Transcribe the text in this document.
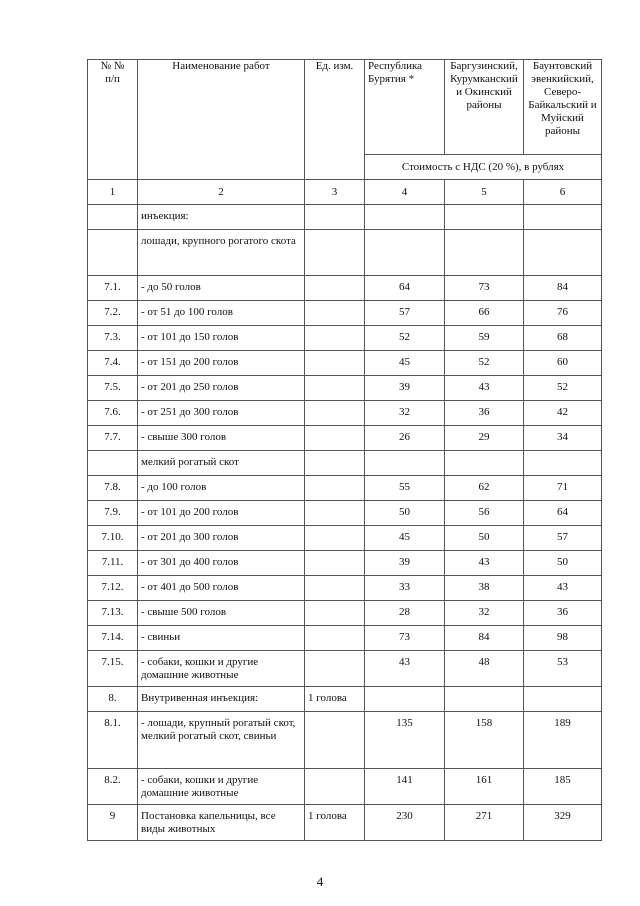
№ №
п/п	Наименование работ	Ед. изм.	Республика Бурятия *	Баргузинский, Курумканский и Окинский районы	Баунтовский эвенкийский, Северо-Байкальский и Муйский районы
			Стоимость с НДС (20 %), в рублях		
1	2	3	4	5	6
	инъекция:				
	лошади, крупного рогатого скота				
7.1.	- до 50 голов		64	73	84
7.2.	- от 51 до 100 голов		57	66	76
7.3.	- от 101 до 150 голов		52	59	68
7.4.	- от 151 до 200 голов		45	52	60
7.5.	- от 201 до 250 голов		39	43	52
7.6.	- от 251 до 300 голов		32	36	42
7.7.	- свыше 300 голов		26	29	34
	мелкий рогатый скот				
7.8.	- до 100 голов		55	62	71
7.9.	- от 101 до 200 голов		50	56	64
7.10.	- от 201 до 300 голов		45	50	57
7.11.	- от 301 до 400 голов		39	43	50
7.12.	- от 401 до 500 голов		33	38	43
7.13.	- свыше 500 голов		28	32	36
7.14.	- свиньи		73	84	98
7.15.	- собаки, кошки и другие домашние животные		43	48	53
8.	Внутривенная инъекция:	1 голова			
8.1.	- лошади, крупный рогатый скот, мелкий рогатый скот, свиньи		135	158	189
8.2.	- собаки, кошки и другие домашние животные		141	161	185
9	Постановка капельницы, все виды животных	1 голова	230	271	329
4
